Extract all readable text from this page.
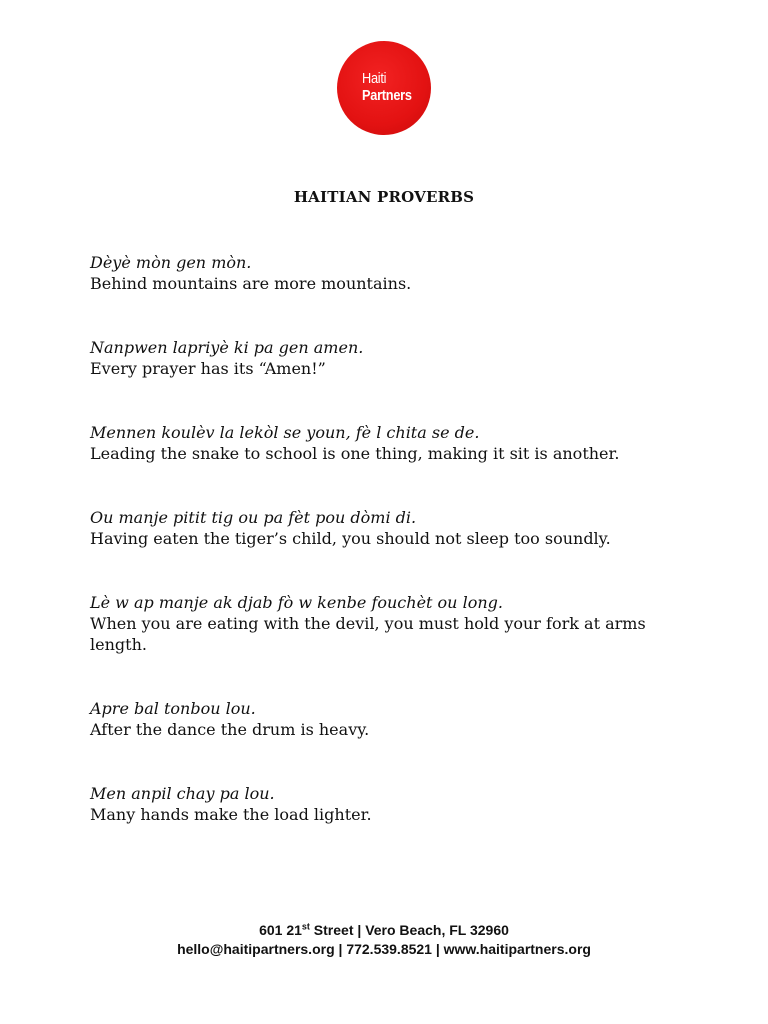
Haiti
Partners
HAITIAN PROVERBS
Dèyè mòn gen mòn.
Behind mountains are more mountains.
Nanpwen lapriyè ki pa gen amen.
Every prayer has its “Amen!”
Mennen koulèv la lekòl se youn, fè l chita se de.
Leading the snake to school is one thing, making it sit is another.
Ou manje pitit tig ou pa fèt pou dòmi di.
Having eaten the tiger’s child, you should not sleep too soundly.
Lè w ap manje ak djab fò w kenbe fouchèt ou long.
When you are eating with the devil, you must hold your fork at arms length.
Apre bal tonbou lou.
After the dance the drum is heavy.
Men anpil chay pa lou.
Many hands make the load lighter.
601 21st Street | Vero Beach, FL 32960
hello@haitipartners.org | 772.539.8521 | www.haitipartners.org
